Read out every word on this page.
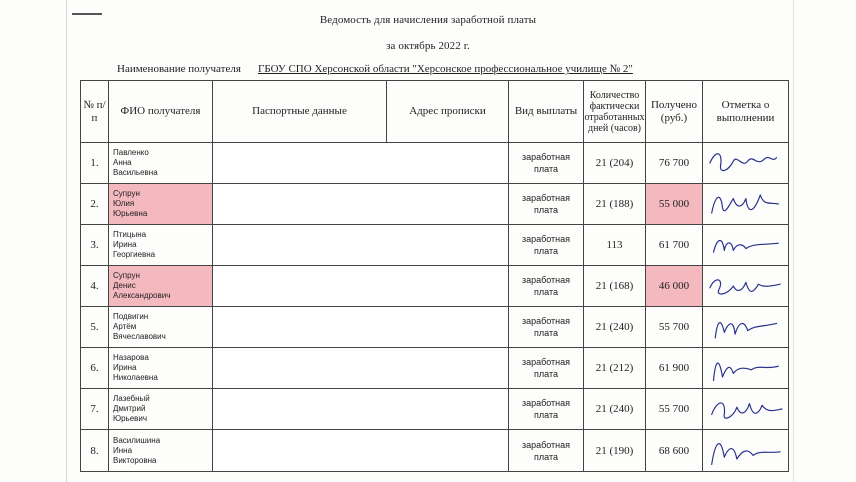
Ведомость для начисления заработной платы
за октябрь 2022 г.
Наименование получателя ГБОУ СПО Херсонской области "Херсонское профессиональное училище № 2"
№ п/п	ФИО получателя	Паспортные данные	Адрес прописки	Вид выплаты	Количество фактически отработанных дней (часов)	Получено (руб.)	Отметка о выполнении
1.	Павленко
Анна
Васильевна			заработная плата	21 (204)	76 700	

2.	Супрун
Юлия
Юрьевна			заработная плата	21 (188)	55 000	

3.	Птицына
Ирина
Георгиевна			заработная плата	113	61 700	

4.	Супрун
Денис
Александрович			заработная плата	21 (168)	46 000	

5.	Подвигин
Артём
Вячеславович			заработная плата	21 (240)	55 700	

6.	Назарова
Ирина
Николаевна			заработная плата	21 (212)	61 900	

7.	Лазебный
Дмитрий
Юрьевич			заработная плата	21 (240)	55 700	

8.	Василишина
Инна
Викторовна			заработная плата	21 (190)	68 600	
